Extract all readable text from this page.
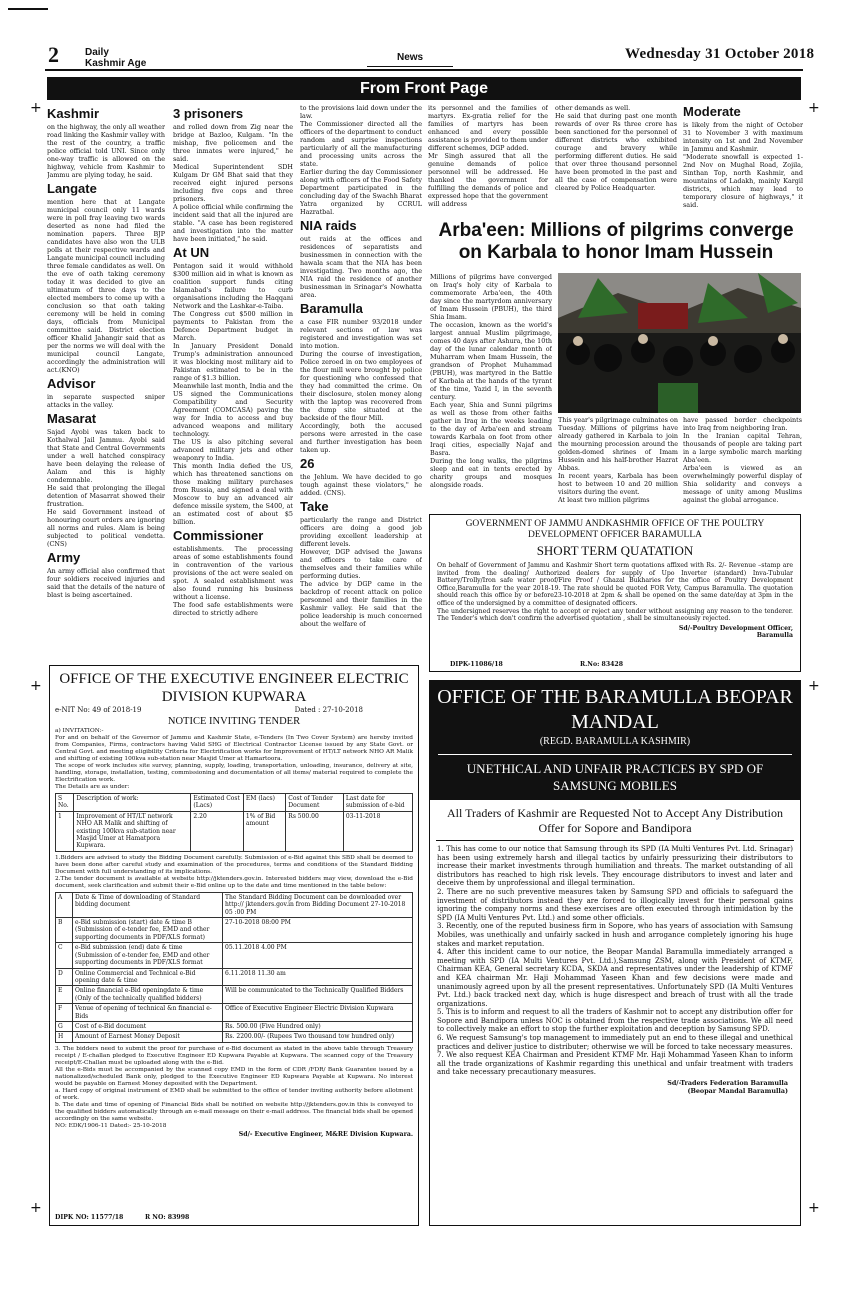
2	Daily
Kashmir Age
News	Wednesday 31 October 2018
From Front Page
Kashmir

on the highway, the only all weather road linking the Kashmir valley with the rest of the country, a traffic police official told UNI. Since only one-way traffic is allowed on the highway, vehicle from Kashmir to Jammu are plying today, he said.

Langate

mention here that at Langate municipal council only 11 wards were in poll fray leaving two wards deserted as none had filed the nomination papers. Three BJP candidates have also won the ULB polls at their respective wards and Langate municipal council including three female candidates as well. On the eve of oath taking ceremony today it was decided to give an ultimatum of three days to the elected members to come up with a conclusion so that oath taking ceremony will be held in coming days, officials from Municipal committee said. District election officer Khalid Jahangir said that as per the norms we will deal with the municipal council Langate, accordingly the administration will act.(KNO)

Advisor

in separate suspected sniper attacks in the valley.

Masarat

Sajad Ayobi was taken back to Kothalwal Jail Jammu. Ayobi said that State and Central Governments under a well hatched conspiracy have been delaying the release of Aalam and this is highly condemnable.
He said that prolonging the illegal detention of Masarrat showed their frustration.
He said Government instead of honouring court orders are ignoring all norms and rules. Alam is being subjected to political vendetta. (CNS)

Army

An army official also confirmed that four soldiers received injuries and said that the details of the nature of blast is being ascertained.

3 prisoners

and rolled down from Zig near the bridge at Bazloo, Kulgam. "In the mishap, five policemen and the three inmates were injured," he said.
Medical Superintendent SDH Kulgam Dr GM Bhat said that they received eight injured persons including five cops and three prisoners.
A police official while confirming the incident said that all the injured are stable. "A case has been registered and investigation into the matter have been initiated," he said.

At UN

Pentagon said it would withhold $300 million aid in what is known as coalition support funds citing Islamabad's failure to curb organisations including the Haqqani Network and the Lashkar-e-Taiba.
The Congress cut $500 million in payments to Pakistan from the Defence Department budget in March.
In January President Donald Trump's administration announced it was blocking most military aid to Pakistan estimated to be in the range of $1.3 billion.
Meanwhile last month, India and the US signed the Communications Compatibility and Security Agreement (COMCASA) paving the way for India to access and buy advanced weapons and military technology.
The US is also pitching several advanced military jets and other weaponry to India.
This month India defied the US, which has threatened sanctions on those making military purchases from Russia, and signed a deal with Moscow to buy an advanced air defence missile system, the S400, at an estimated cost of about $5 billion.

Commissioner

establishments. The processing areas of some establishments found in contravention of the various provisions of the act were sealed on spot. A sealed establishment was also found running his business without a license.
The food safe establishments were directed to strictly adhere

to the provisions laid down under the law.
The Commissioner directed all the officers of the department to conduct random and surprise inspections particularly of all the manufacturing and processing units across the state.
Earlier during the day Commissioner along with officers of the Food Safety Department participated in the concluding day of the Swachh Bharat Yatra organized by CCRUL Hazratbal.

NIA raids

out raids at the offices and residences of separatists and businessmen in connection with the hawala scam that the NIA has been investigating. Two months ago, the NIA raid the residence of another businessman in Srinagar's Nowhatta area.

Baramulla

a case FIR number 93/2018 under relevant sections of law was registered and investigation was set into motion.
During the course of investigation, Police zeroed in on two employees of the flour mill were brought by police for questioning who confessed that they had committed the crime. On their disclosure, stolen money along with the laptop was recovered from the dump site situated at the backside of the flour Mill.
Accordingly, both the accused persons were arrested in the case and further investigation has been taken up.

26

the Jehlum. We have decided to go tough against these violators," he added. (CNS).

Take

particularly the range and District officers are doing a good job providing excellent leadership at different levels.
However, DGP advised the Jawans and officers to take care of themselves and their families while performing duties.
The advice by DGP came in the backdrop of recent attack on police personnel and their families in the Kashmir valley. He said that the police leadership is much concerned about the welfare of

its personnel and the families of martyrs. Ex-gratia relief for the families of martyrs has been enhanced and every possible assistance is provided to them under different schemes, DGP added.
Mr Singh assured that all the genuine demands of police personnel will be addressed. He thanked the government for fulfilling the demands of police and expressed hope that the government will address

other demands as well.
He said that during past one month rewards of over Rs three crore has been sanctioned for the personnel of different districts who exhibited courage and bravery while performing different duties. He said that over three thousand personnel have been promoted in the past and all the case of compensation were cleared by Police Headquarter.

Moderate

is likely from the night of October 31 to November 3 with maximum intensity on 1st and 2nd November in Jammu and Kashmir.
"Moderate snowfall is expected 1-2nd Nov on Mughal Road, Zojila, Sinthan Top, north Kashmir, and mountains of Ladakh, mainly Kargil districts, which may lead to temporary closure of highways," it said.

Arba'een: Millions of pilgrims converge on Karbala to honor Imam Hussein
Millions of pilgrims have converged on Iraq's holy city of Karbala to commemorate Arba'een, the 40th day since the martyrdom anniversary of Imam Hussein (PBUH), the third Shia Imam.
The occasion, known as the world's largest annual Muslim pilgrimage, comes 40 days after Ashura, the 10th day of the lunar calendar month of Muharram when Imam Hussein, the grandson of Prophet Muhammad (PBUH), was martyred in the Battle of Karbala at the hands of the tyrant of the time, Yazid I, in the seventh century.
Each year, Shia and Sunni pilgrims as well as those from other faiths gather in Iraq in the weeks leading to the day of Arba'een and stream towards Karbala on foot from other Iraqi cities, especially Najaf and Basra.
During the long walks, the pilgrims sleep and eat in tents erected by charity groups and mosques alongside roads.
This year's pilgrimage culminates on Tuesday. Millions of pilgrims have already gathered in Karbala to join the mourning procession around the golden-domed shrines of Imam Hussein and his half-brother Hazrat Abbas.
In recent years, Karbala has been host to between 10 and 20 million visitors during the event.
At least two million pilgrims
have passed border checkpoints into Iraq from neighboring Iran.
In the Iranian capital Tehran, thousands of people are taking part in a large symbolic march marking Aba'een.
Arba'een is viewed as an overwhelmingly powerful display of Shia solidarity and conveys a message of unity among Muslims against the global arrogance.
GOVERNMENT OF JAMMU ANDKASHMIR OFFICE OF THE POULTRY DEVELOPMENT OFFICER BARAMULLA
SHORT TERM QUATATION
On behalf of Government of Jammu and Kashmir Short term quotations affixed with Rs. 2/- Revenue –stamp are invited from the dealing/ Authorized dealers for supply of Upo Inverter (standard) Inva-Tubular Battery/Trolly/Iron safe water proof/Fire Proof / Ghazal Bukharies for the office of Poultry Development Office,Baramulla for the year 2018-19. The rate should be quoted FOR Vety, Campus Baramulla. The quotation should reach this office by or before23-10-2018 at 2pm & shall be opened on the same date/day at 3pm in the office of the undersigned by a committee of designated officers.
The undersigned reserves the right to accept or reject any tender without assigning any reason to the tenderer. The Tender's which don't confirm the advertised quotation , shall be simultaneously rejected.
Sd/-Poultry Development Officer,
Baramulla
DIPK-11086/18	R.No: 83428
OFFICE OF THE EXECUTIVE ENGINEER ELECTRIC DIVISION KUPWARA
e-NIT No: 49 of 2018-19	Dated : 27-10-2018
NOTICE INVITING TENDER
a) INVITATION:-
For and on behalf of the Governor of Jammu and Kashmir State, e-Tenders (In Two Cover System) are hereby invited from Companies, Firms, contractors having Valid SHG of Electrical Contractor License issued by any State Govt. or Central Govt. and meeting eligibility Criteria for Electrification works for Improvement of HT/LT network NHO AR Malik and shifting of existing 100kva sub-station near Masjid Umer at Hamartoora.
The scope of work includes site survey, planning, supply, loading, transportation, unloading, insurance, delivery at site, handling, storage, installation, testing, commissioning and documentation of all items/ material required to complete the Electrification work.
The Details are as under:
S No.	Description of work:	Estimated Cost (Lacs)	EM (lacs)	Cost of Tender Document	Last date for submission of e-bid
1	Improvement of HT/LT network NHO AR Malik and shifting of existing 100kva sub-station near Masjid Umer at Hamatpora Kupwara.	2.20	1% of Bid amount	Rs 500.00	03-11-2018
1.Bidders are advised to study the Bidding Document carefully. Submission of e-Bid against this SBD shall be deemed to have been done after careful study and examination of the procedures, terms and conditions of the Standard Bidding Document with full understanding of its implications.
2.The tender document is available at website http://jktenders.gov.in. Interested bidders may view, download the e-Bid document, seek clarification and submit their e-Bid online up to the date and time mentioned in the table below:
A	Date & Time of downloading of Standard bidding document	The Standard Bidding Document can be downloaded over http:// jktenders.gov.in from Bidding Document 27-10-2018 05 :00 PM
B	e-Bid submission (start) date & time B (Submission of e-tender fee, EMD and other supporting documents in PDF/XLS format)	27-10-2018 08:00 PM
C	e-Bid submission (end) date & time (Submission of e-tender fee, EMD and other supporting documents in PDF/XLS format	05.11.2018 4.00 PM
D	Online Commercial and Technical e-Bid opening date & time	6.11.2018 11.30 am
E	Online financial e-Bid openingdate & time (Only of the technically qualified bidders)	Will be communicated to the Technically Qualified Bidders
F	Venue of opening of technical &n financial e-Bids	Office of Executive Engineer Electric Division Kupwara
G	Cost of e-Bid document	Rs. 500.00 (Five Hundred only)
H	Amount of Earnest Money Deposit	Rs. 2200.00/- (Rupees Two thousand tow hundred only)
3. The bidders need to submit the proof for purchase of e-Bid document as stated in the above table through Treasury receipt / E-challan pledged to Executive Engineer ED Kupwara Payable at Kupwara. The scanned copy of the Treasury receipt/E-Challan must be uploaded along with the e-Bid.
All the e-Bids must be accompanied by the scanned copy EMD in the form of CDR /FDR/ Bank Guarantee issued by a nationalized/scheduled Bank only, pledged to the Executive Engineer ED Kupwara Payable at Kupwara. No interest would be payable on Earnest Money deposited with the Department.
a. Hard copy of original instrument of EMD shall be submitted to the office of tender inviting authority before allotment of work.
b. The date and time of opening of Financial Bids shall be notified on website http://jktenders.gov.in this is conveyed to the qualified bidders automatically through an e-mail message on their e-mail address. The financial bids shall be opened accordingly on the same website.
NO: EDK/1906-11 Dated:- 25-10-2018
Sd/- Executive Engineer, M&RE Division Kupwara.
DIPK NO: 11577/18	R NO: 83998
OFFICE OF THE BARAMULLA BEOPAR MANDAL
(REGD. BARAMULLA KASHMIR)
UNETHICAL AND UNFAIR PRACTICES BY SPD OF SAMSUNG MOBILES
All Traders of Kashmir are Requested Not to Accept Any Distribution Offer for Sopore and Bandipora
1. This has come to our notice that Samsung through its SPD (IA Multi Ventures Pvt. Ltd. Srinagar) has been using extremely harsh and illegal tactics by unfairly pressurizing their distributors to increase their market investments through humiliation and threats. The market outstanding of all distributors has reached to high risk levels. They encourage distributors to invest and later and deceive them by unprofessional and illegal termination.
2. There are no such preventive measures taken by Samsung SPD and officials to safeguard the investment of distributors instead they are forced to illogically invest for their personal gains ignoring the company norms and these exercises are often executed through intimidation by the SPD (IA Multi Ventures Pvt. Ltd.) and some other officials.
3. Recently, one of the reputed business firm in Sopore, who has years of association with Samsung Mobiles, was unethically and unfairly sacked in hush and arrogance completely ignoring his huge stakes and market reputation.
4. After this incident came to our notice, the Beopar Mandal Baramulla immediately arranged a meeting with SPD (IA Multi Ventures Pvt. Ltd.),Samsung ZSM, along with President of KTMF, Chairman KEA, General secretary KCDA, SKDA and representatives under the leadership of KTMF and KEA chairman Mr. Haji Mohammad Yaseen Khan and few decisions were made and unanimously agreed upon by all the present representatives. Unfortunately SPD (IA Multi Ventures Pvt. Ltd.) back tracked next day, which is huge disrespect and breach of trust with all the trade organizations.
5. This is to inform and request to all the traders of Kashmir not to accept any distribution offer for Sopore and Bandipora unless NOC is obtained from the respective trade associations. We all need to collectively make an effort to stop the further exploitation and deception by Samsung SPD.
6. We request Samsung's top management to immediately put an end to these illegal and unethical practices and deliver justice to distributer; otherwise we will be forced to take necessary measures.
7. We also request KEA Chairman and President KTMF Mr. Haji Mohammad Yaseen Khan to inform all the trade organizations of Kashmir regarding this unethical and unfair treatment with traders and take necessary precautionary measures.
Sd/-Traders Federation Baramulla
(Beopar Mandal Baramulla)
+	+
+	+
+	+
